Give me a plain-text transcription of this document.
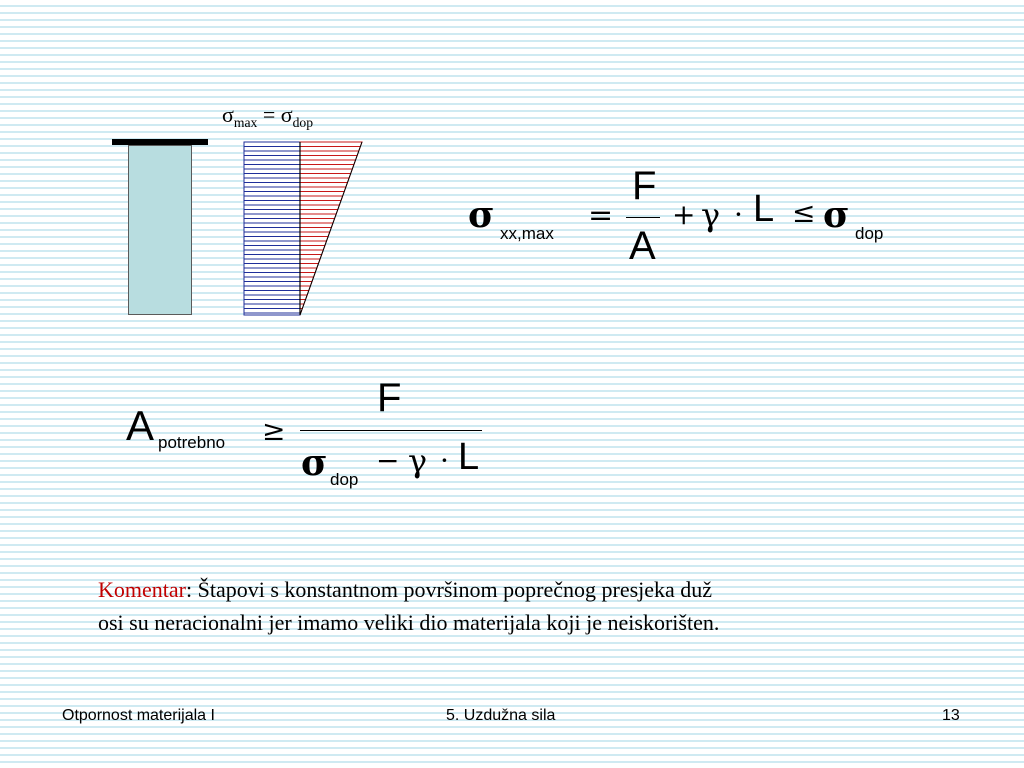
$\sigma_{max} = \sigma_{dop}$
σ xx,max
=
F
A
+ γ · L ≤ σ dop
A potrebno ≥
F
σ dop
− γ · L
Komentar: Štapovi s konstantnom površinom poprečnog presjeka duž
osi su neracionalni jer imamo veliki dio materijala koji je neiskorišten.
Otpornost materijala I	5. Uzdužna sila	13
